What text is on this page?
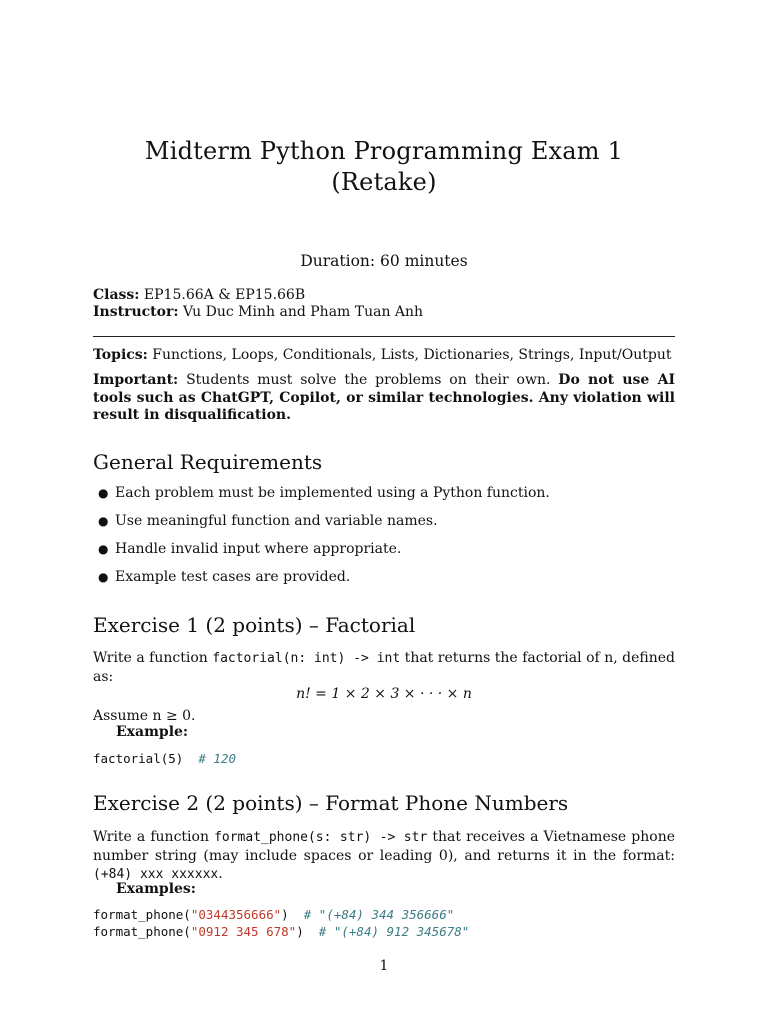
Midterm Python Programming Exam 1
(Retake)
Duration: 60 minutes
Class: EP15.66A & EP15.66B
Instructor: Vu Duc Minh and Pham Tuan Anh
Topics: Functions, Loops, Conditionals, Lists, Dictionaries, Strings, Input/Output
Important: Students must solve the problems on their own. Do not use AI tools such as ChatGPT, Copilot, or similar technologies. Any violation will result in disqualification.
General Requirements
● Each problem must be implemented using a Python function.
● Use meaningful function and variable names.
● Handle invalid input where appropriate.
● Example test cases are provided.
Exercise 1 (2 points) – Factorial
Write a function factorial(n: int) -> int that returns the factorial of n, defined as:
n! = 1 × 2 × 3 × · · · × n
Assume n ≥ 0.
Example:
factorial(5) # 120
Exercise 2 (2 points) – Format Phone Numbers
Write a function format_phone(s: str) -> str that receives a Vietnamese phone number string (may include spaces or leading 0), and returns it in the format: (+84) xxx xxxxxx.
Examples:
format_phone("0344356666") # "(+84) 344 356666"
format_phone("0912 345 678") # "(+84) 912 345678"
1
